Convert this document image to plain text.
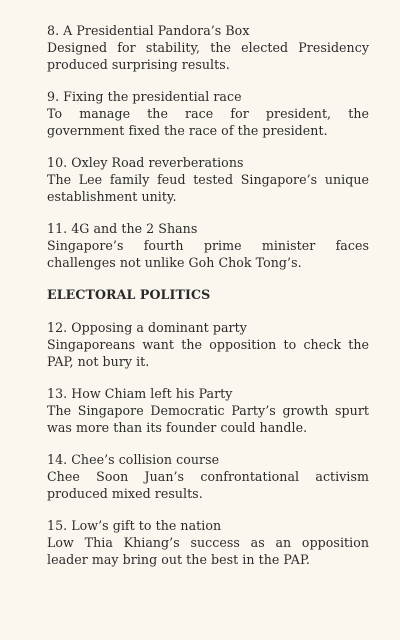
8. A Presidential Pandora’s Box

Designed for stability, the elected Presidency produced surprising results.

9. Fixing the presidential race

To manage the race for president, the government fixed the race of the president.

10. Oxley Road reverberations

The Lee family feud tested Singapore’s unique establishment unity.

11. 4G and the 2 Shans

Singapore’s fourth prime minister faces challenges not unlike Goh Chok Tong’s.

ELECTORAL POLITICS

12. Opposing a dominant party

Singaporeans want the opposition to check the PAP, not bury it.

13. How Chiam left his Party

The Singapore Democratic Party’s growth spurt was more than its founder could handle.

14. Chee’s collision course

Chee Soon Juan’s confrontational activism produced mixed results.

15. Low’s gift to the nation

Low Thia Khiang’s success as an opposition leader may bring out the best in the PAP.
